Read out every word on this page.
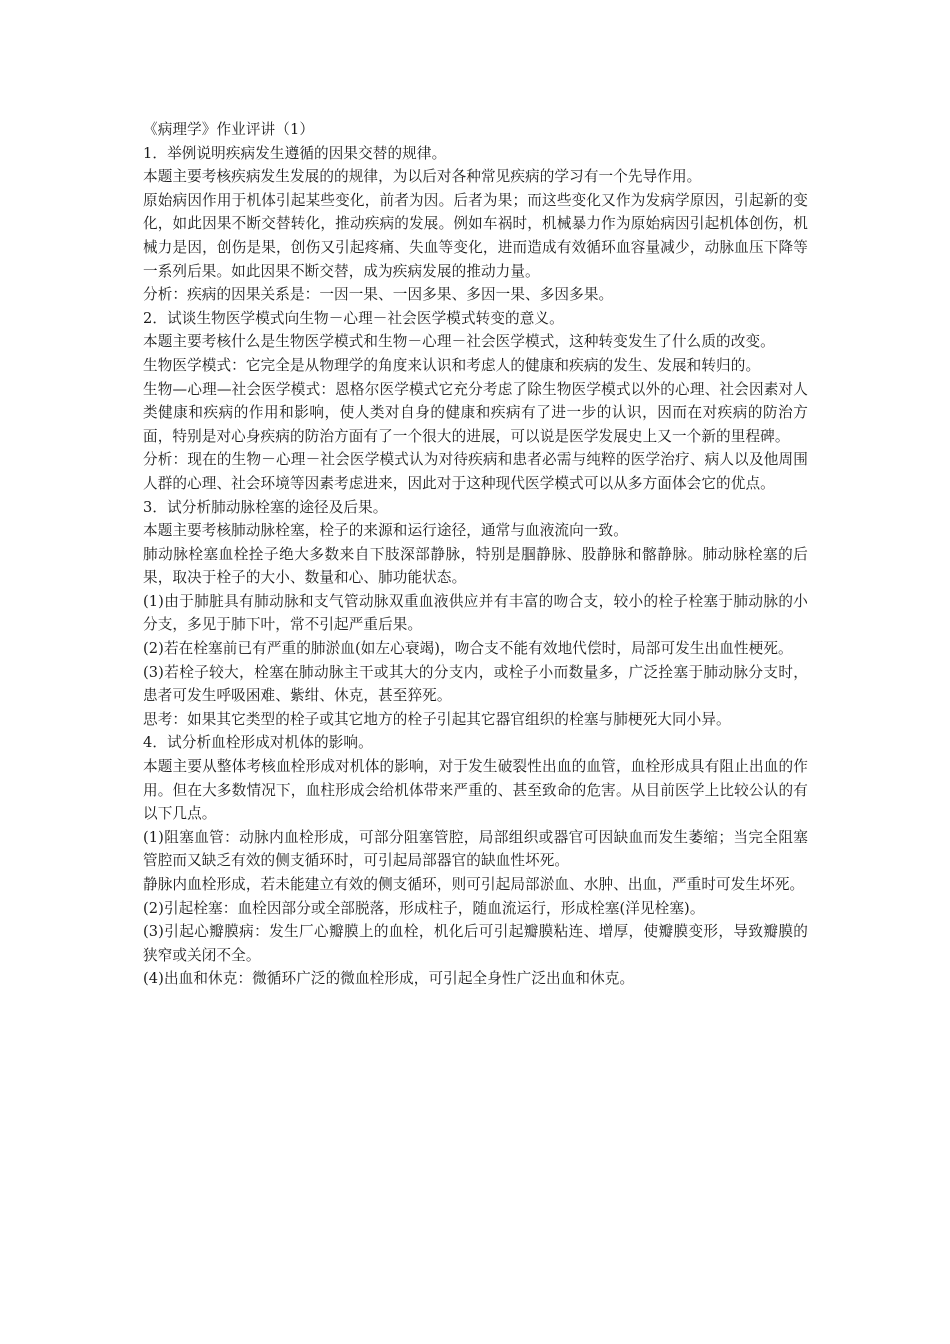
《病理学》作业评讲（1）

1．举例说明疾病发生遵循的因果交替的规律。

本题主要考核疾病发生发展的的规律，为以后对各种常见疾病的学习有一个先导作用。

原始病因作用于机体引起某些变化，前者为因。后者为果；而这些变化又作为发病学原因，引起新的变化，如此因果不断交替转化，推动疾病的发展。例如车祸时，机械暴力作为原始病因引起机体创伤，机械力是因，创伤是果，创伤又引起疼痛、失血等变化，进而造成有效循环血容量减少，动脉血压下降等一系列后果。如此因果不断交替，成为疾病发展的推动力量。

分析：疾病的因果关系是：一因一果、一因多果、多因一果、多因多果。

2．试谈生物医学模式向生物－心理－社会医学模式转变的意义。

本题主要考核什么是生物医学模式和生物－心理－社会医学模式，这种转变发生了什么质的改变。

生物医学模式：它完全是从物理学的角度来认识和考虑人的健康和疾病的发生、发展和转归的。

生物—心理—社会医学模式：恩格尔医学模式它充分考虑了除生物医学模式以外的心理、社会因素对人类健康和疾病的作用和影响，使人类对自身的健康和疾病有了进一步的认识，因而在对疾病的防治方面，特别是对心身疾病的防治方面有了一个很大的进展，可以说是医学发展史上又一个新的里程碑。

分析：现在的生物－心理－社会医学模式认为对待疾病和患者必需与纯粹的医学治疗、病人以及他周围人群的心理、社会环境等因素考虑进来，因此对于这种现代医学模式可以从多方面体会它的优点。

3．试分析肺动脉栓塞的途径及后果。

本题主要考核肺动脉栓塞，栓子的来源和运行途径，通常与血液流向一致。

肺动脉栓塞血栓拴子绝大多数来自下肢深部静脉，特别是腘静脉、股静脉和髂静脉。肺动脉栓塞的后果，取决于栓子的大小、数量和心、肺功能状态。

(1)由于肺脏具有肺动脉和支气管动脉双重血液供应并有丰富的吻合支，较小的栓子栓塞于肺动脉的小分支，多见于肺下叶，常不引起严重后果。

(2)若在栓塞前已有严重的肺淤血(如左心衰竭)，吻合支不能有效地代偿时，局部可发生出血性梗死。

(3)若栓子较大，栓塞在肺动脉主干或其大的分支内，或栓子小而数量多，广泛拴塞于肺动脉分支时，患者可发生呼吸困难、紫绀、休克，甚至猝死。

思考：如果其它类型的栓子或其它地方的栓子引起其它器官组织的栓塞与肺梗死大同小异。

4．试分析血栓形成对机体的影响。

本题主要从整体考核血栓形成对机体的影响，对于发生破裂性出血的血管，血栓形成具有阻止出血的作用。但在大多数情况下，血柱形成会给机体带来严重的、甚至致命的危害。从目前医学上比较公认的有以下几点。

(1)阻塞血管：动脉内血栓形成，可部分阻塞管腔，局部组织或器官可因缺血而发生萎缩；当完全阻塞管腔而又缺乏有效的侧支循环时，可引起局部器官的缺血性坏死。

静脉内血栓形成，若未能建立有效的侧支循环，则可引起局部淤血、水肿、出血，严重时可发生坏死。

(2)引起栓塞：血栓因部分或全部脱落，形成柱子，随血流运行，形成栓塞(洋见栓塞)。

(3)引起心瓣膜病：发生厂心瓣膜上的血栓，机化后可引起瓣膜粘连、增厚，使瓣膜变形，导致瓣膜的狭窄或关闭不全。

(4)出血和休克：微循环广泛的微血栓形成，可引起全身性广泛出血和休克。
